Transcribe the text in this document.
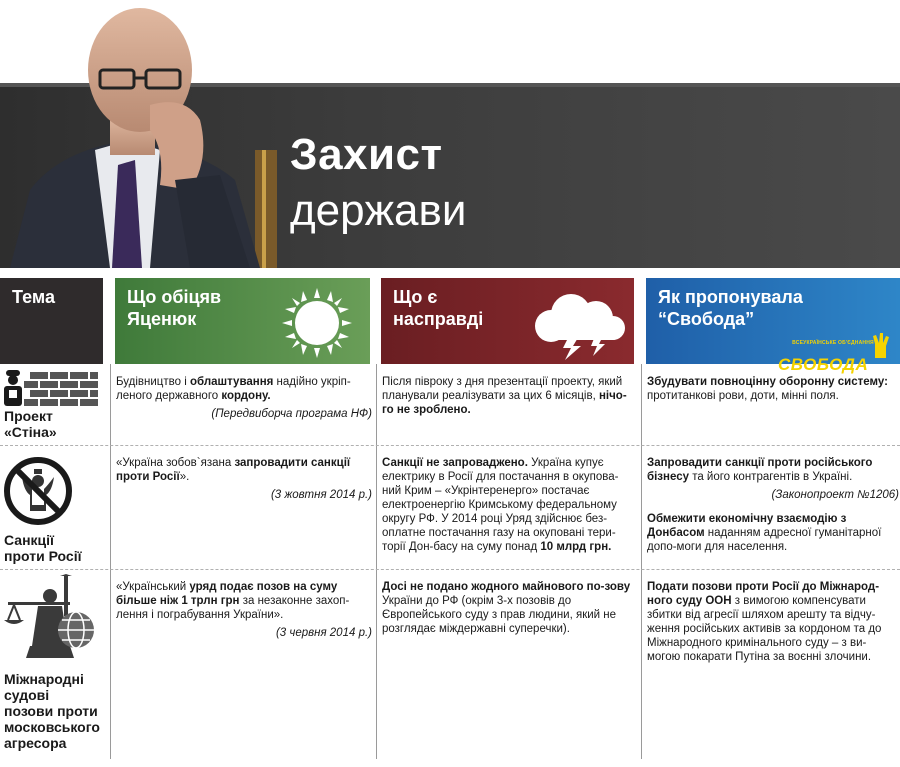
Захист
держави
Тема	Що обіцяв
Яценюк
Що є
насправді
Як пропонувала
“Свобода”
ВСЕУКРАЇНСЬКЕ ОБ'ЄДНАННЯ
СВОБОДА
Проект
«Стіна»
Будівництво і облаштування надійно укріп-леного державного кордону.
(Передвиборча програма НФ)
Після півроку з дня презентації проекту, який планували реалізувати за цих 6 місяців, нічо-го не зроблено.
Збудувати повноцінну оборонну систему: протитанкові рови, доти, мінні поля.
Санкції
проти Росії
«Україна зобов`язана запровадити санкції проти Росії».
(3 жовтня 2014 р.)
Санкції не запроваджено. Україна купує електрику в Росії для постачання в окупова-ний Крим – «Укрінтеренерго» постачає електроенергію Кримському федеральному округу РФ. У 2014 році Уряд здійснює без-оплатне постачання газу на окуповані тери-торії Дон-басу на суму понад 10 млрд грн.

Запровадити санкції проти російського бізнесу та його контрагентів в Україні.
(Законопроект №1206)

Обмежити економічну взаємодію з Донбасом наданням адресної гуманітарної допо-моги для населення.

Міжнародні
судові
позови проти
московського
агресора
«Український уряд подає позов на суму більше ніж 1 трлн грн за незаконне захоп-лення і пограбування України».
(3 червня 2014 р.)
Досі не подано жодного майнового по-зову України до РФ (окрім 3-х позовів до Європейського суду з прав людини, який не розглядає міждержавні суперечки).
Подати позови проти Росії до Міжнарод-ного суду ООН з вимогою компенсувати збитки від агресії шляхом арешту та відчу-ження російських активів за кордоном та до Міжнародного кримінального суду – з ви-могою покарати Путіна за воєнні злочини.
